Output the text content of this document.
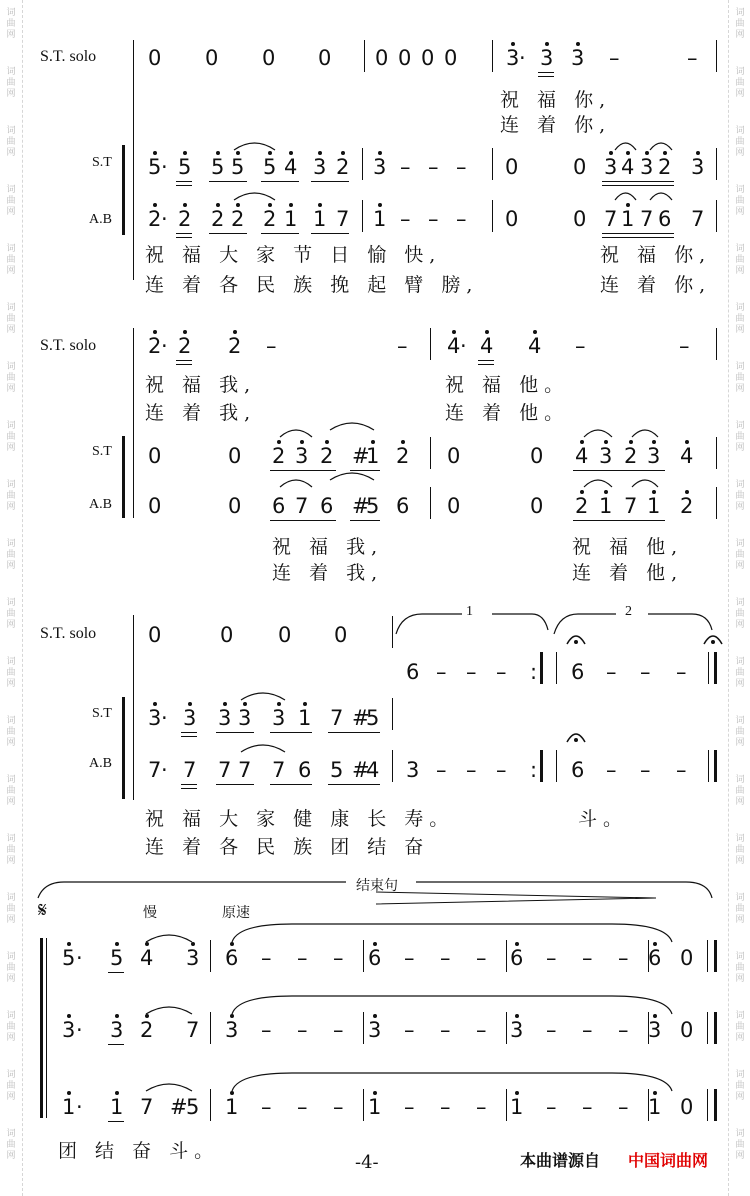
词
曲
网
词
曲
网
词
曲
网
词
曲
网
词
曲
网
词
曲
网
词
曲
网
词
曲
网
词
曲
网
词
曲
网
词
曲
网
词
曲
网
词
曲
网
词
曲
网
词
曲
网
词
曲
网
词
曲
网
词
曲
网
词
曲
网
词
曲
网
词
曲
网
词
曲
网
词
曲
网
词
曲
网
词
曲
网
词
曲
网
词
曲
网
词
曲
网
词
曲
网
词
曲
网
词
曲
网
词
曲
网
词
曲
网
词
曲
网
词
曲
网
词
曲
网
词
曲
网
词
曲
网
词
曲
网
词
曲
网
S.T. solo 0 0 0 0 0 0 0 0 3 · 3 3 –	–
祝 福 你,
连 着 你,
S.T
A.B
5 · 5 5 5 5 4 3 2 3 – – – 0	0 3 4 3 2 3
2 · 2 2 2 2 1 1 7 1 – – – 0	0 7 1 7 6 7
祝 福 大 家 节 日 愉 快,
连 着 各 民 族 挽 起 臂 膀,
祝 福 你,
连 着 你,
S.T. solo 2 · 2 2 –	– 4 · 4 4 –	–
祝 福 我,
连 着 我,
祝 福 他。
连 着 他。
S.T
A.B
0	0 2 3 2 #
1 2 0	0 4 3 2 3 4
0	0 6 7 6 #
5 6 0	0 2 1 7 1 2
祝 福 我,
连 着 我,
祝 福 他,
连 着 他,
S.T. solo 0	0 0 0
1	2
6 – – – : 6 – – –
S.T
A.B
3 · 3 3 3 3 1 7 #
5
7 · 7 7 7 7 6 5 #
4 3 – – – : 6 – – –
祝 福 大 家 健 康 长 寿。
连 着 各 民 族 团 结 奋
斗。
结束句
𝄋	慢	原速
5 · 5 4 3 6 – – – 6 – – – 6 – – – 6 0
3 · 3 2 7 3 – – – 3 – – – 3 – – – 3 0
1 · 1 7 #
5 1 – – – 1 – – – 1 – – – 1 0
团 结 奋 斗。
-4-	本曲谱源自 中国词曲网
